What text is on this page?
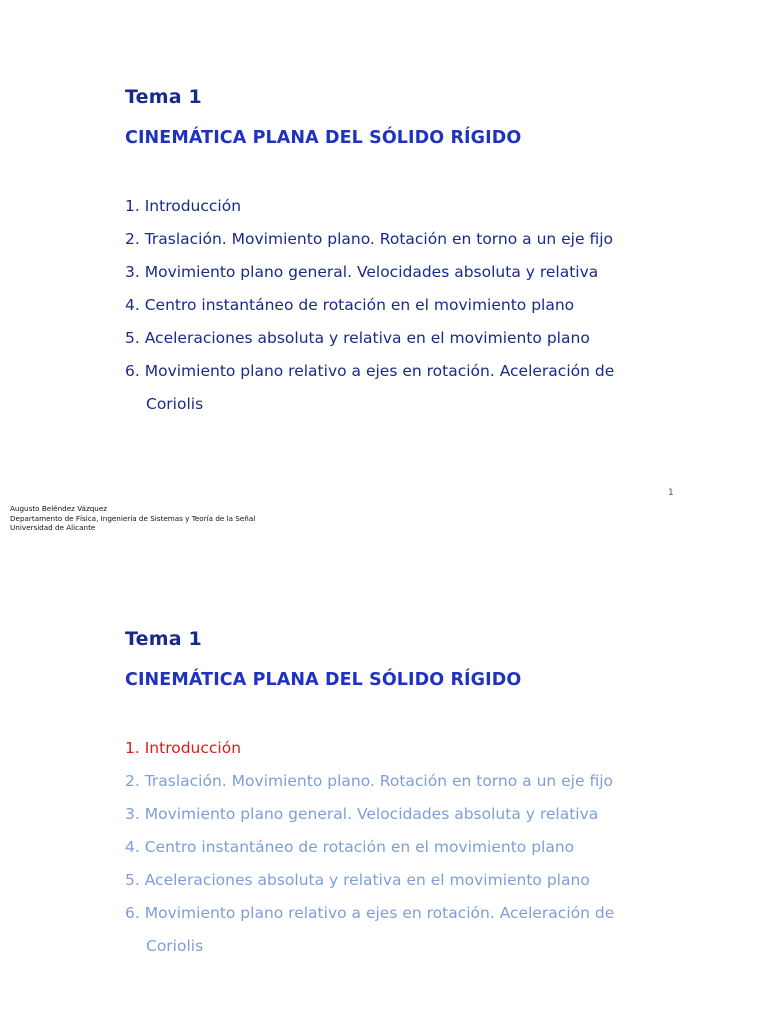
Tema 1
CINEMÁTICA PLANA DEL SÓLIDO RÍGIDO
1. Introducción
2. Traslación. Movimiento plano. Rotación en torno a un eje fijo
3. Movimiento plano general. Velocidades absoluta y relativa
4. Centro instantáneo de rotación en el movimiento plano
5. Aceleraciones absoluta y relativa en el movimiento plano
6. Movimiento plano relativo a ejes en rotación. Aceleración de
Coriolis
1
Augusto Beléndez Vázquez
Departamento de Física, Ingeniería de Sistemas y Teoría de la Señal
Universidad de Alicante
Tema 1
CINEMÁTICA PLANA DEL SÓLIDO RÍGIDO
1. Introducción
2. Traslación. Movimiento plano. Rotación en torno a un eje fijo
3. Movimiento plano general. Velocidades absoluta y relativa
4. Centro instantáneo de rotación en el movimiento plano
5. Aceleraciones absoluta y relativa en el movimiento plano
6. Movimiento plano relativo a ejes en rotación. Aceleración de
Coriolis
